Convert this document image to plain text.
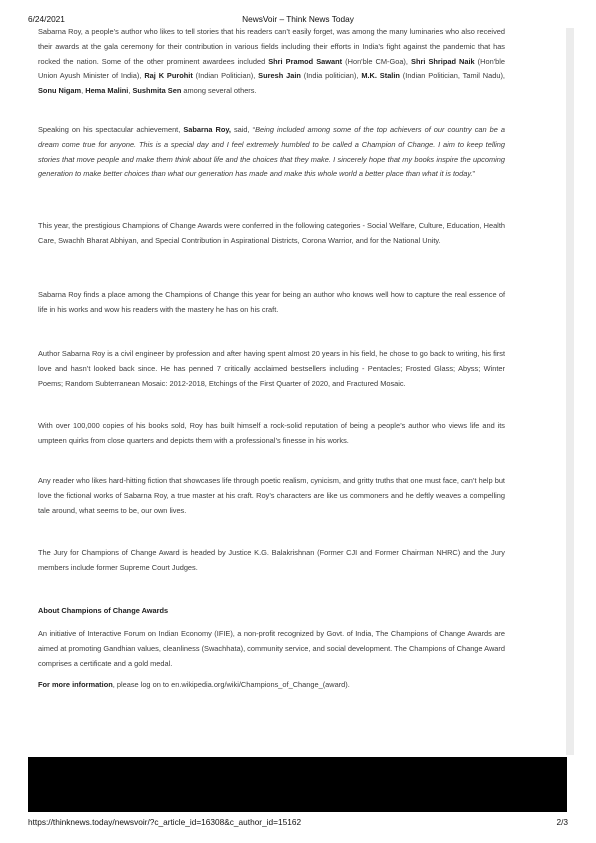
6/24/2021	NewsVoir – Think News Today

Sabarna Roy, a people’s author who likes to tell stories that his readers can’t easily forget, was among the many luminaries who also received their awards at the gala ceremony for their contribution in various fields including their efforts in India’s fight against the pandemic that has rocked the nation. Some of the other prominent awardees included Shri Pramod Sawant (Hon'ble CM-Goa), Shri Shripad Naik (Hon'ble Union Ayush Minister of India), Raj K Purohit (Indian Politician), Suresh Jain (India politician), M.K. Stalin (Indian Politician, Tamil Nadu), Sonu Nigam, Hema Malini, Sushmita Sen among several others.

Speaking on his spectacular achievement, Sabarna Roy, said, “Being included among some of the top achievers of our country can be a dream come true for anyone. This is a special day and I feel extremely humbled to be called a Champion of Change. I aim to keep telling stories that move people and make them think about life and the choices that they make. I sincerely hope that my books inspire the upcoming generation to make better choices than what our generation has made and make this whole world a better place than what it is today.”

This year, the prestigious Champions of Change Awards were conferred in the following categories - Social Welfare, Culture, Education, Health Care, Swachh Bharat Abhiyan, and Special Contribution in Aspirational Districts, Corona Warrior, and for the National Unity.

Sabarna Roy finds a place among the Champions of Change this year for being an author who knows well how to capture the real essence of life in his works and wow his readers with the mastery he has on his craft.

Author Sabarna Roy is a civil engineer by profession and after having spent almost 20 years in his field, he chose to go back to writing, his first love and hasn’t looked back since. He has penned 7 critically acclaimed bestsellers including - Pentacles; Frosted Glass; Abyss; Winter Poems; Random Subterranean Mosaic: 2012-2018, Etchings of the First Quarter of 2020, and Fractured Mosaic.

With over 100,000 copies of his books sold, Roy has built himself a rock-solid reputation of being a people’s author who views life and its umpteen quirks from close quarters and depicts them with a professional’s finesse in his works.

Any reader who likes hard-hitting fiction that showcases life through poetic realism, cynicism, and gritty truths that one must face, can’t help but love the fictional works of Sabarna Roy, a true master at his craft. Roy’s characters are like us commoners and he deftly weaves a compelling tale around, what seems to be, our own lives.

The Jury for Champions of Change Award is headed by Justice K.G. Balakrishnan (Former CJI and Former Chairman NHRC) and the Jury members include former Supreme Court Judges.

About Champions of Change Awards

An initiative of Interactive Forum on Indian Economy (IFIE), a non-profit recognized by Govt. of India, The Champions of Change Awards are aimed at promoting Gandhian values, cleanliness (Swachhata), community service, and social development. The Champions of Change Award comprises a certificate and a gold medal.

For more information, please log on to en.wikipedia.org/wiki/Champions_of_Change_(award).

https://thinknews.today/newsvoir/?c_article_id=16308&c_author_id=15162	2/3
